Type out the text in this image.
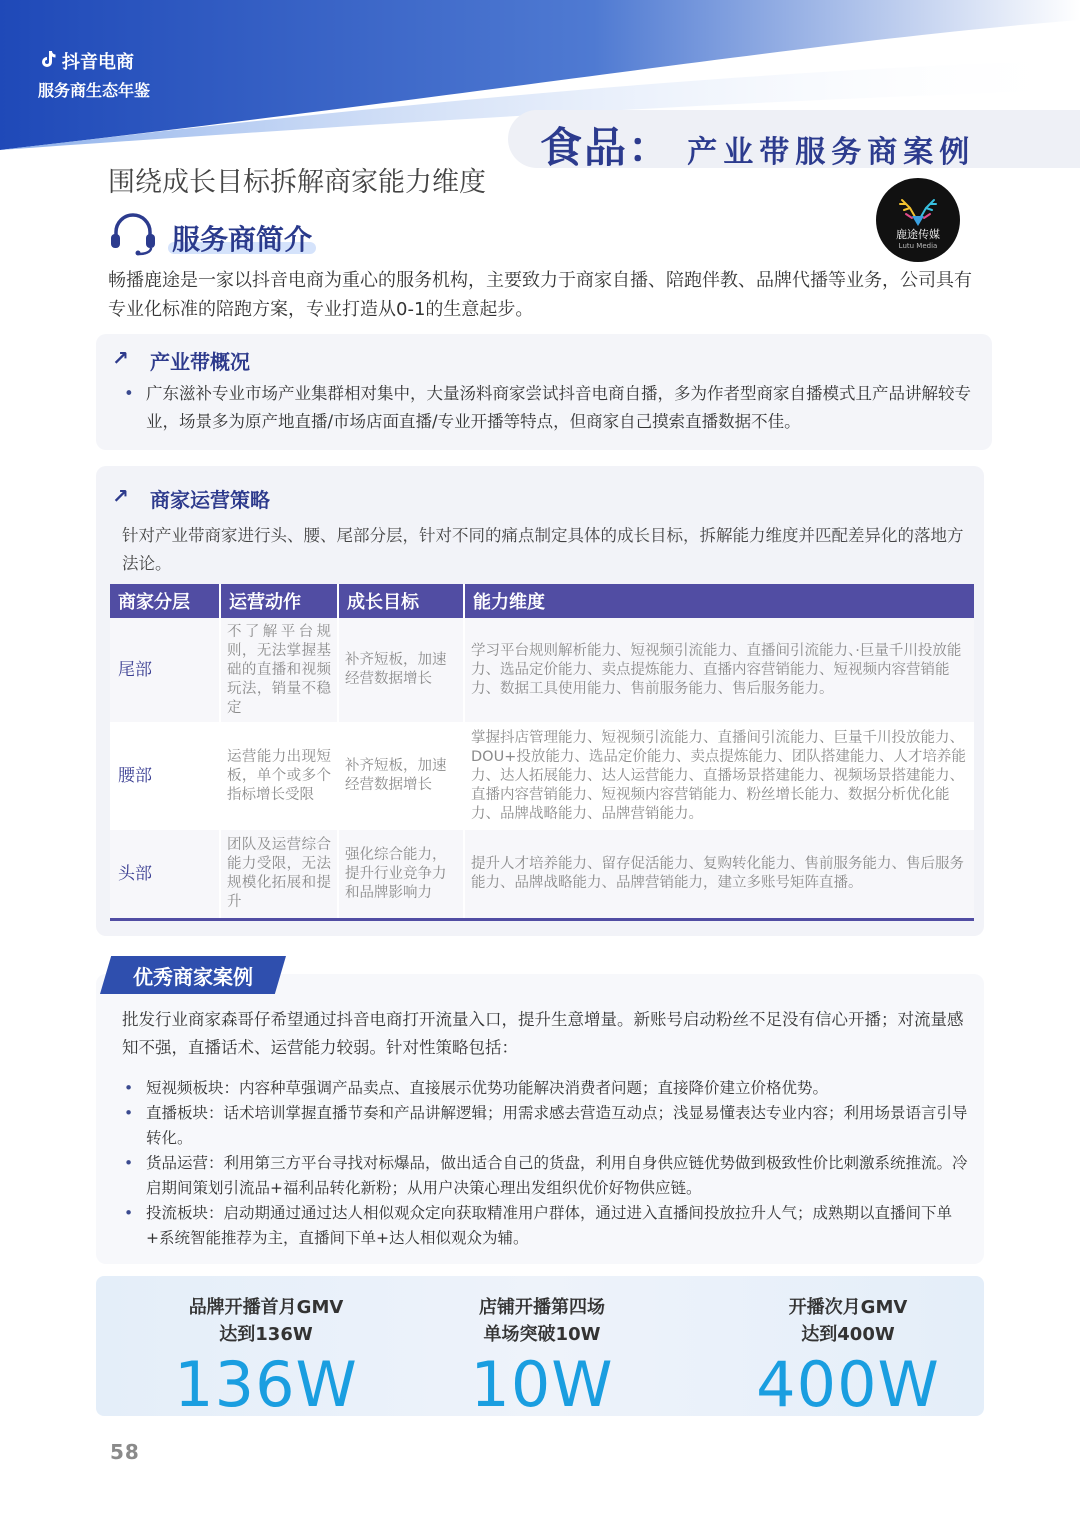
抖音电商
服务商生态年鉴
食品： 产业带服务商案例
围绕成长目标拆解商家能力维度
鹿途传媒
Lutu Media
服务商简介
畅播鹿途是一家以抖音电商为重心的服务机构，主要致力于商家自播、陪跑伴教、品牌代播等业务，公司具有专业化标准的陪跑方案，专业打造从0-1的生意起步。
↗ 产业带概况
• 广东滋补专业市场产业集群相对集中，大量汤料商家尝试抖音电商自播，多为作者型商家自播模式且产品讲解较专业，场景多为原产地直播/市场店面直播/专业开播等特点，但商家自己摸索直播数据不佳。
↗ 商家运营策略
针对产业带商家进行头、腰、尾部分层，针对不同的痛点制定具体的成长目标，拆解能力维度并匹配差异化的落地方法论。
商家分层	运营动作	成长目标	能力维度
尾部	不了解平台规则，无法掌握基础的直播和视频玩法，销量不稳定	补齐短板，加速经营数据增长	学习平台规则解析能力、短视频引流能力、直播间引流能力、·巨量千川投放能力、选品定价能力、卖点提炼能力、直播内容营销能力、短视频内容营销能力、数据工具使用能力、售前服务能力、售后服务能力。
腰部	运营能力出现短板，单个或多个指标增长受限	补齐短板，加速经营数据增长	掌握抖店管理能力、短视频引流能力、直播间引流能力、巨量千川投放能力、DOU+投放能力、选品定价能力、卖点提炼能力、团队搭建能力、人才培养能力、达人拓展能力、达人运营能力、直播场景搭建能力、视频场景搭建能力、直播内容营销能力、短视频内容营销能力、粉丝增长能力、数据分析优化能力、品牌战略能力、品牌营销能力。
头部	团队及运营综合能力受限，无法规模化拓展和提升	强化综合能力，提升行业竞争力和品牌影响力	提升人才培养能力、留存促活能力、复购转化能力、售前服务能力、售后服务能力、品牌战略能力、品牌营销能力，建立多账号矩阵直播。
优秀商家案例
批发行业商家森哥仔希望通过抖音电商打开流量入口，提升生意增量。新账号启动粉丝不足没有信心开播；对流量感知不强，直播话术、运营能力较弱。针对性策略包括：
• 短视频板块：内容种草强调产品卖点、直接展示优势功能解决消费者问题；直接降价建立价格优势。
• 直播板块：话术培训掌握直播节奏和产品讲解逻辑；用需求感去营造互动点；浅显易懂表达专业内容；利用场景语言引导转化。
• 货品运营：利用第三方平台寻找对标爆品，做出适合自己的货盘，利用自身供应链优势做到极致性价比刺激系统推流。冷启期间策划引流品+福利品转化新粉；从用户决策心理出发组织优价好物供应链。
• 投流板块：启动期通过通过达人相似观众定向获取精准用户群体，通过进入直播间投放拉升人气；成熟期以直播间下单+系统智能推荐为主，直播间下单+达人相似观众为辅。
品牌开播首月GMV
达到136W
136W
店铺开播第四场
单场突破10W
10W
开播次月GMV
达到400W
400W
58
